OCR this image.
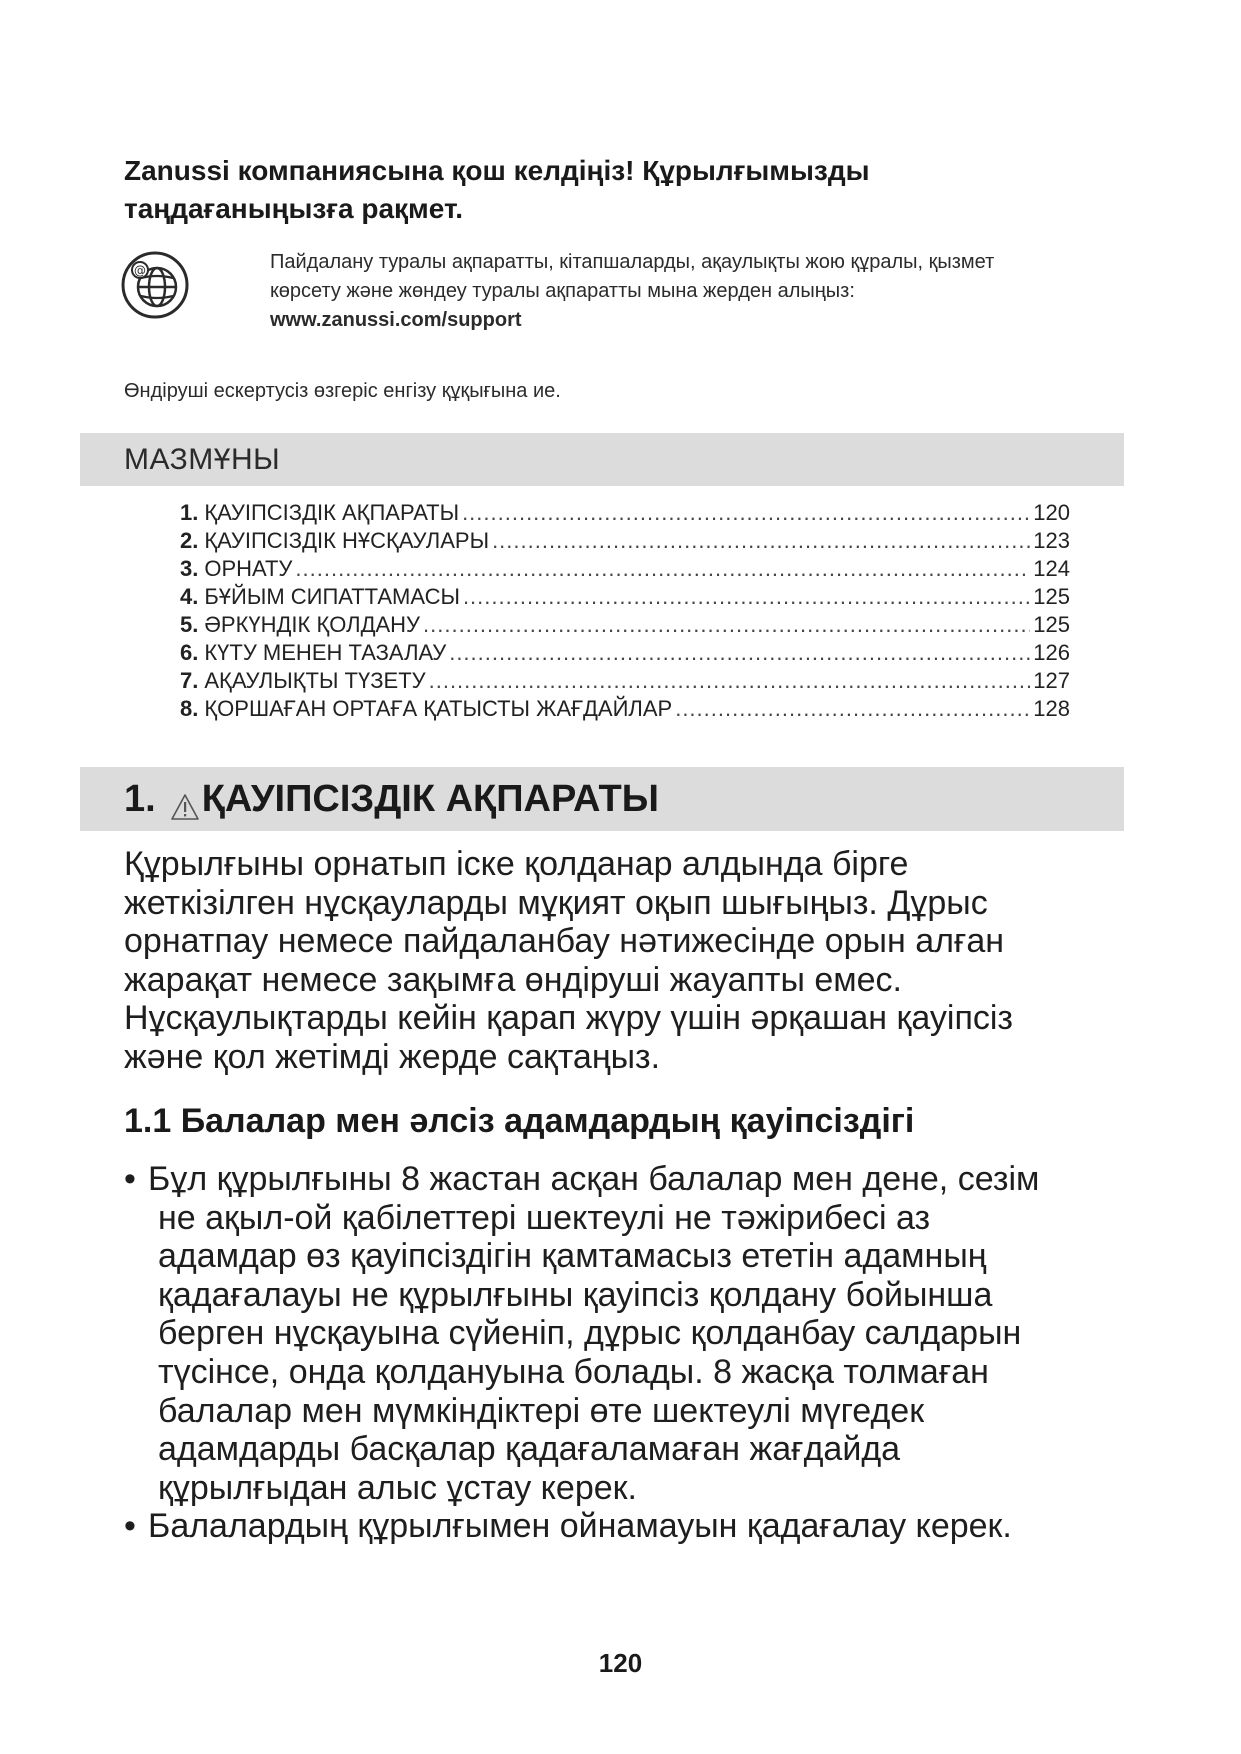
Zanussi компаниясына қош келдіңіз! Құрылғымызды
таңдағаныңызға рақмет.
@	Пайдалану туралы ақпаратты, кітапшаларды, ақаулықты жою құралы, қызмет
көрсету және жөндеу туралы ақпаратты мына жерден алыңыз:
www.zanussi.com/support
Өндіруші ескертусіз өзгеріс енгізу құқығына ие.
МАЗМҰНЫ
1. ҚАУІПСІЗДІК АҚПАРАТЫ .....	120
2. ҚАУІПСІЗДІК НҰСҚАУЛАРЫ .....	123
3. ОРНАТУ .....	124
4. БҰЙЫМ СИПАТТАМАСЫ .....	125
5. ӘРКҮНДІК ҚОЛДАНУ .....	125
6. КҮТУ МЕНЕН ТАЗАЛАУ .....	126
7. АҚАУЛЫҚТЫ ТҮЗЕТУ .....	127
8. ҚОРШАҒАН ОРТАҒА ҚАТЫСТЫ ЖАҒДАЙЛАР .....	128
1. ҚАУІПСІЗДІК АҚПАРАТЫ
Құрылғыны орнатып іске қолданар алдында бірге
жеткізілген нұсқауларды мұқият оқып шығыңыз. Дұрыс
орнатпау немесе пайдаланбау нәтижесінде орын алған
жарақат немесе зақымға өндіруші жауапты емес.
Нұсқаулықтарды кейін қарап жүру үшін әрқашан қауіпсіз
және қол жетімді жерде сақтаңыз.
1.1 Балалар мен әлсіз адамдардың қауіпсіздігі
• Бұл құрылғыны 8 жастан асқан балалар мен дене, сезім
не ақыл-ой қабілеттері шектеулі не тәжірибесі аз
адамдар өз қауіпсіздігін қамтамасыз ететін адамның
қадағалауы не құрылғыны қауіпсіз қолдану бойынша
берген нұсқауына сүйеніп, дұрыс қолданбау салдарын
түсінсе, онда қолдануына болады. 8 жасқа толмаған
балалар мен мүмкіндіктері өте шектеулі мүгедек
адамдарды басқалар қадағаламаған жағдайда
құрылғыдан алыс ұстау керек.
• Балалардың құрылғымен ойнамауын қадағалау керек.
120
